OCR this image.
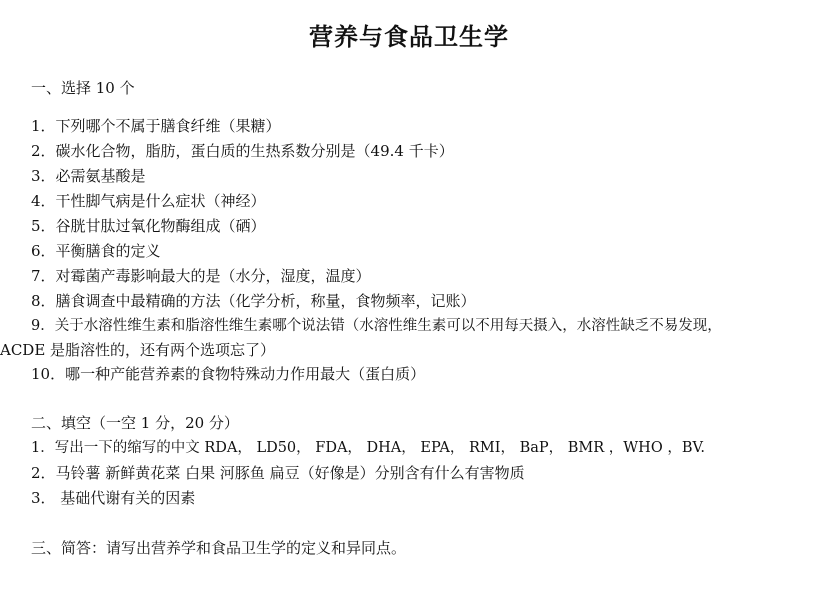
营养与食品卫生学
一、选择 10 个
1．下列哪个不属于膳食纤维（果糖）
2．碳水化合物，脂肪，蛋白质的生热系数分别是（49.4 千卡）
3．必需氨基酸是
4．干性脚气病是什么症状（神经）
5．谷胱甘肽过氧化物酶组成（硒）
6．平衡膳食的定义
7．对霉菌产毒影响最大的是（水分，湿度，温度）
8．膳食调查中最精确的方法（化学分析，称量，食物频率，记账）
9．关于水溶性维生素和脂溶性维生素哪个说法错（水溶性维生素可以不用每天摄入，水溶性缺乏不易发现，
ACDE 是脂溶性的，还有两个选项忘了）
10．哪一种产能营养素的食物特殊动力作用最大（蛋白质）
二、填空（一空 1 分，20 分）
1．写出一下的缩写的中文 RDA， LD50， FDA， DHA， EPA， RMI， BaP， BMR ，WHO ，BV.
2．马铃薯 新鲜黄花菜 白果 河豚鱼 扁豆（好像是）分别含有什么有害物质
3． 基础代谢有关的因素
三、简答：请写出营养学和食品卫生学的定义和异同点。
